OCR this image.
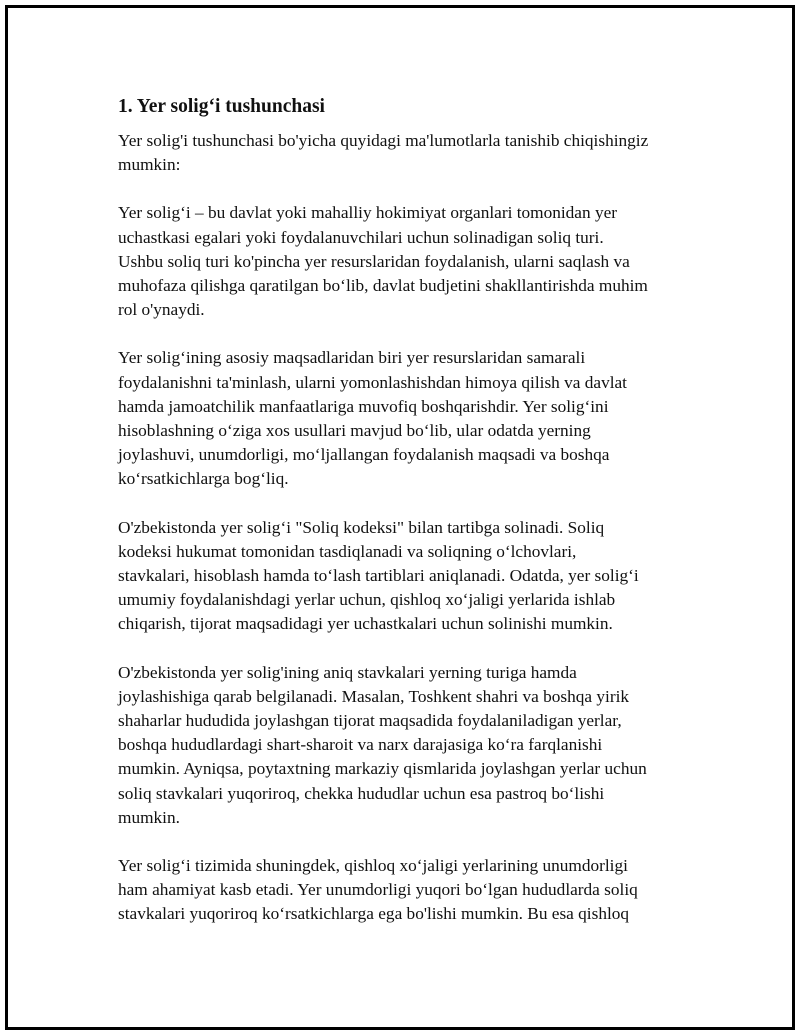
1. Yer solig‘i tushunchasi
Yer solig'i tushunchasi bo'yicha quyidagi ma'lumotlarla tanishib chiqishingiz
mumkin:
Yer solig‘i – bu davlat yoki mahalliy hokimiyat organlari tomonidan yer
uchastkasi egalari yoki foydalanuvchilari uchun solinadigan soliq turi.
Ushbu soliq turi ko'pincha yer resurslaridan foydalanish, ularni saqlash va
muhofaza qilishga qaratilgan bo‘lib, davlat budjetini shakllantirishda muhim
rol o'ynaydi.
Yer solig‘ining asosiy maqsadlaridan biri yer resurslaridan samarali
foydalanishni ta'minlash, ularni yomonlashishdan himoya qilish va davlat
hamda jamoatchilik manfaatlariga muvofiq boshqarishdir. Yer solig‘ini
hisoblashning o‘ziga xos usullari mavjud bo‘lib, ular odatda yerning
joylashuvi, unumdorligi, mo‘ljallangan foydalanish maqsadi va boshqa
ko‘rsatkichlarga bog‘liq.
O'zbekistonda yer solig‘i "Soliq kodeksi" bilan tartibga solinadi. Soliq
kodeksi hukumat tomonidan tasdiqlanadi va soliqning o‘lchovlari,
stavkalari, hisoblash hamda to‘lash tartiblari aniqlanadi. Odatda, yer solig‘i
umumiy foydalanishdagi yerlar uchun, qishloq xo‘jaligi yerlarida ishlab
chiqarish, tijorat maqsadidagi yer uchastkalari uchun solinishi mumkin.
O'zbekistonda yer solig'ining aniq stavkalari yerning turiga hamda
joylashishiga qarab belgilanadi. Masalan, Toshkent shahri va boshqa yirik
shaharlar hududida joylashgan tijorat maqsadida foydalaniladigan yerlar,
boshqa hududlardagi shart-sharoit va narx darajasiga ko‘ra farqlanishi
mumkin. Ayniqsa, poytaxtning markaziy qismlarida joylashgan yerlar uchun
soliq stavkalari yuqoriroq, chekka hududlar uchun esa pastroq bo‘lishi
mumkin.
Yer solig‘i tizimida shuningdek, qishloq xo‘jaligi yerlarining unumdorligi
ham ahamiyat kasb etadi. Yer unumdorligi yuqori bo‘lgan hududlarda soliq
stavkalari yuqoriroq ko‘rsatkichlarga ega bo'lishi mumkin. Bu esa qishloq
